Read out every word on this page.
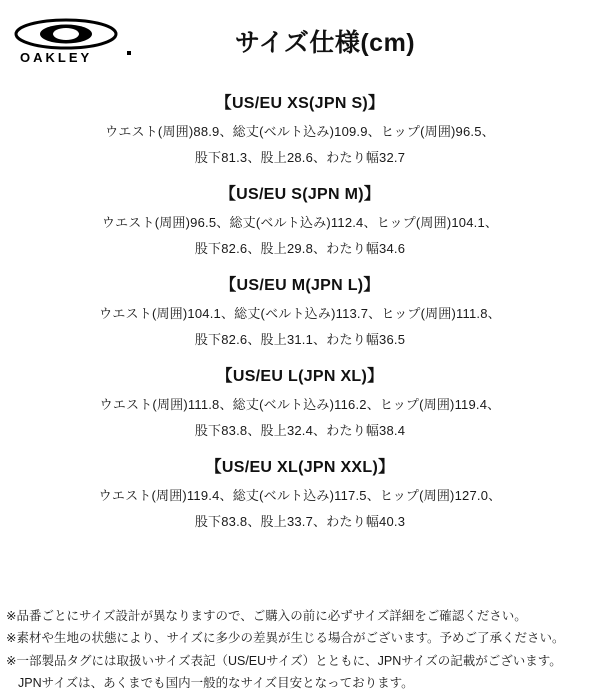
OAKLEY
サイズ仕様(cm)
【US/EU XS(JPN S)】
ウエスト(周囲)88.9、総丈(ベルト込み)109.9、ヒップ(周囲)96.5、
股下81.3、股上28.6、わたり幅32.7
【US/EU S(JPN M)】
ウエスト(周囲)96.5、総丈(ベルト込み)112.4、ヒップ(周囲)104.1、
股下82.6、股上29.8、わたり幅34.6
【US/EU M(JPN L)】
ウエスト(周囲)104.1、総丈(ベルト込み)113.7、ヒップ(周囲)111.8、
股下82.6、股上31.1、わたり幅36.5
【US/EU L(JPN XL)】
ウエスト(周囲)111.8、総丈(ベルト込み)116.2、ヒップ(周囲)119.4、
股下83.8、股上32.4、わたり幅38.4
【US/EU XL(JPN XXL)】
ウエスト(周囲)119.4、総丈(ベルト込み)117.5、ヒップ(周囲)127.0、
股下83.8、股上33.7、わたり幅40.3
※品番ごとにサイズ設計が異なりますので、ご購入の前に必ずサイズ詳細をご確認ください。
※素材や生地の状態により、サイズに多少の差異が生じる場合がございます。予めご了承ください。
※一部製品タグには取扱いサイズ表記（US/EUサイズ）とともに、JPNサイズの記載がございます。
JPNサイズは、あくまでも国内一般的なサイズ目安となっております。
